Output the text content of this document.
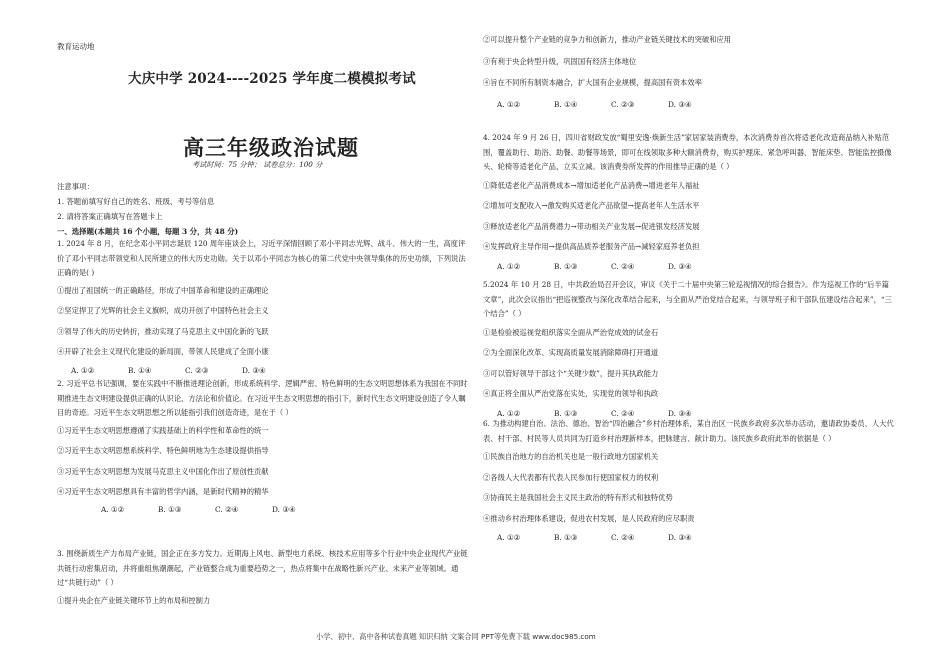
教育运动地
大庆中学 2024----2025 学年度二模模拟考试
高三年级政治试题
考试时间：75 分钟； 试卷总分：100 分
注意事项：
1. 答题前填写好自己的姓名、班级、考号等信息
2. 请将答案正确填写在答题卡上
一、选择题(本题共 16 个小题，每题 3 分，共 48 分)

1. 2024 年 8 月，在纪念邓小平同志诞辰 120 周年座谈会上，习近平深情回顾了邓小平同志光辉、战斗、伟大的一生，高度评价了邓小平同志带领党和人民所建立的伟大历史功勋。关于以邓小平同志为核心的第二代党中央领导集体的历史功绩，下列说法正确的是( )

①提出了祖国统一的正确路径，形成了中国革命和建设的正确理论
②坚定捍卫了光辉的社会主义旗帜，成功开创了中国特色社会主义
③领导了伟大的历史转折，推动实现了马克思主义中国化新的飞跃
④开辟了社会主义现代化建设的新局面，带领人民建成了全面小康
A. ①②	B. ①④	C. ②③	D. ③④

2. 习近平总书记强调，要在实践中不断推进理论创新，形成系统科学、逻辑严密、特色鲜明的生态文明思想体系为我国在不同时期推进生态文明建设提供正确的认识论、方法论和价值论。在习近平生态文明思想的指引下，新时代生态文明建设创造了令人瞩目的奇迹。习近平生态文明思想之所以能指引我们创造奇迹，是在于（ ）

①习近平生态文明思想遵循了实践基础上的科学性和革命性的统一
②习近平生态文明思想系统科学、特色鲜明地为生态建设提供指导
③习近平生态文明思想为发展马克思主义中国化作出了原创性贡献
④习近平生态文明思想具有丰富的哲学内涵，是新时代精神的精华
A. ①②	B. ①③	C. ②④	D. ③④

3. 围绕新质生产力布局产业链，国企正在多方发力。近期海上风电、新型电力系统、核技术应用等多个行业中央企业现代产业链共链行动密集启动，并将重组焦潮潮起，产业链整合成为重要趋势之一，热点将集中在战略性新兴产业、未来产业等领域。通过“共链行动”（ ）

①提升央企在产业链关键环节上的布局和控制力
②可以提升整个产业链的竞争力和创新力，推动产业链关键技术的突破和应用
③有利于央企转型升级，巩固国有经济主体地位
④旨在不同所有制资本融合，扩大国有企业规模，提高国有资本效率
A. ①②	B. ①④	C. ②③	D. ③④

4. 2024 年 9 月 26 日，四川省财政发放“蜀里安逸·焕新生活”家居家装消费券，本次消费券首次将适老化改造商品纳入补贴范围，覆盖助行、助浴、助餐、助餐等场景，即可在线领取多种大额消费券，购买护理床、紧急呼叫器、智能床垫、智能监控摄像头、轮椅等适老化产品，立买立减。该消费券所发挥的作用推导正确的是（ ）

①降低适老化产品消费成本→增加适老化产品消费→增进老年人福祉
②增加可支配收入→激发购买适老化产品欲望→提高老年人生活水平
③释放适老化产品消费潜力→带动相关产业发展→促进银发经济发展
④发挥政府主导作用→提供高品质养老服务产品→减轻家庭养老负担
A. ①②	B. ①③	C. ②④	D. ③④

5.2024 年 10 月 28 日，中共政治局召开会议，审议《关于二十届中央第三轮巡视情况的综合报告》。作为巡视工作的“后半篇文章”，此次会议指出“把巡视整改与深化改革结合起来，与全面从严治党结合起来，与领导班子和干部队伍建设结合起来”，“三个结合”（ ）

①是检验被巡视党组织落实全面从严治党成效的试金石
②为全面深化改革、实现高质量发展消除障碍打开通道
③可以管好领导干部这个“关键少数”，提升其执政能力
④真正将全面从严治党落在实处，实现党的领导和执政
A. ①②	B. ①③	C. ②④	D. ③④

6. 为推动构建自治、法治、德治、智治“四治融合”乡村治理体系，某自治区一民族乡政府多次举办活动，邀请政协委员、人大代表、村干部、村民等人员共同为打造乡村治理新样本，把脉建言、献计助力。该民族乡政府此举的依据是（ ）

①民族自治地方的自治机关也是一般行政地方国家机关
②各级人大代表都有代表人民参加行使国家权力的权利
③协商民主是我国社会主义民主政治的特有形式和独特优势
④推动乡村治理体系建设，促进农村发展，是人民政府的应尽职责
A. ①②	B. ①③	C. ②④	D. ③④
小学、初中、高中各种试卷真题 知识归纳 文案合同 PPT等免费下载 www.doc985.com
